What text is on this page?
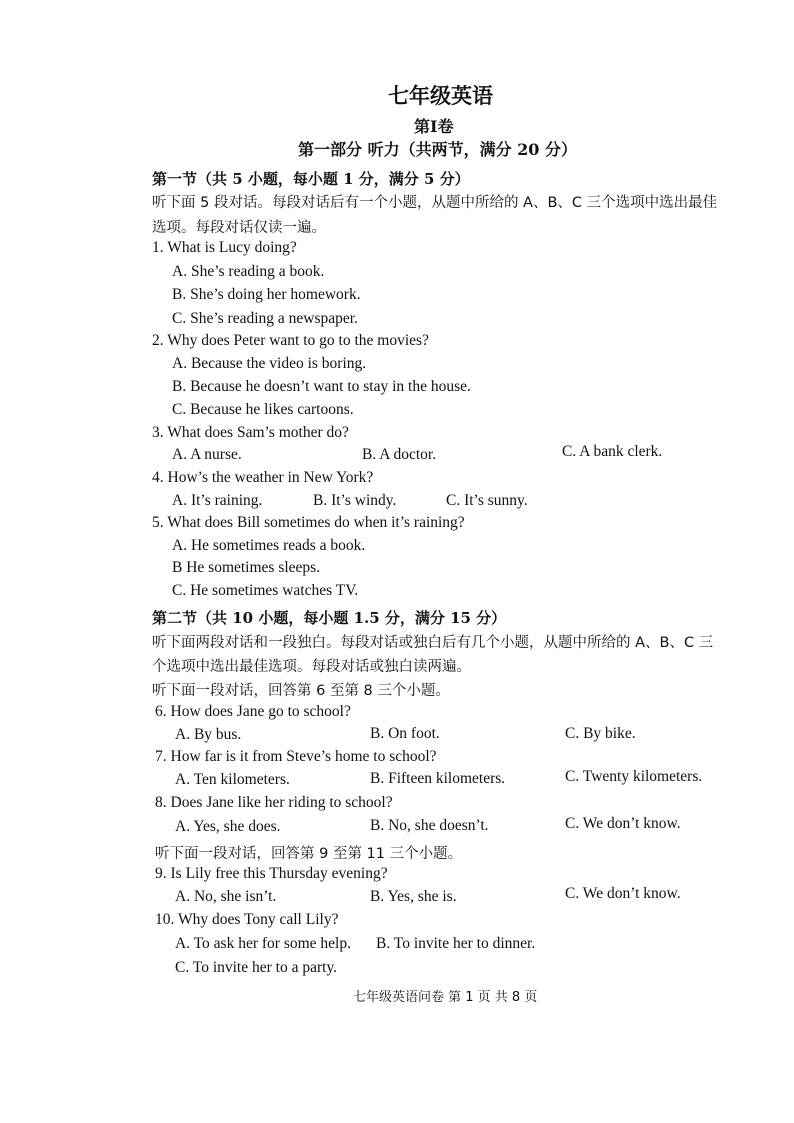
七年级英语
第Ⅰ卷
第一部分 听力（共两节，满分 20 分）
第一节（共 5 小题，每小题 1 分，满分 5 分）
听下面 5 段对话。每段对话后有一个小题，从题中所给的 A、B、C 三个选项中选出最佳
选项。每段对话仅读一遍。
1. What is Lucy doing?
A. She’s reading a book.
B. She’s doing her homework.
C. She’s reading a newspaper.
2. Why does Peter want to go to the movies?
A. Because the video is boring.
B. Because he doesn’t want to stay in the house.
C. Because he likes cartoons.
3. What does Sam’s mother do?
A. A nurse.	B. A doctor.	C. A bank clerk.
4. How’s the weather in New York?
A. It’s raining.	B. It’s windy.	C. It’s sunny.
5. What does Bill sometimes do when it’s raining?
A. He sometimes reads a book.
B He sometimes sleeps.
C. He sometimes watches TV.
第二节（共 10 小题，每小题 1.5 分，满分 15 分）
听下面两段对话和一段独白。每段对话或独白后有几个小题，从题中所给的 A、B、C 三
个选项中选出最佳选项。每段对话或独白读两遍。
听下面一段对话，回答第 6 至第 8 三个小题。
6. How does Jane go to school?
A. By bus.	B. On foot.	C. By bike.
7. How far is it from Steve’s home to school?
A. Ten kilometers.	B. Fifteen kilometers.	C. Twenty kilometers.
8. Does Jane like her riding to school?
A. Yes, she does.	B. No, she doesn’t.	C. We don’t know.
听下面一段对话，回答第 9 至第 11 三个小题。
9. Is Lily free this Thursday evening?
A. No, she isn’t.	B. Yes, she is.	C. We don’t know.
10. Why does Tony call Lily?
A. To ask her for some help. B. To invite her to dinner.
C. To invite her to a party.
七年级英语问卷 第 1 页 共 8 页
